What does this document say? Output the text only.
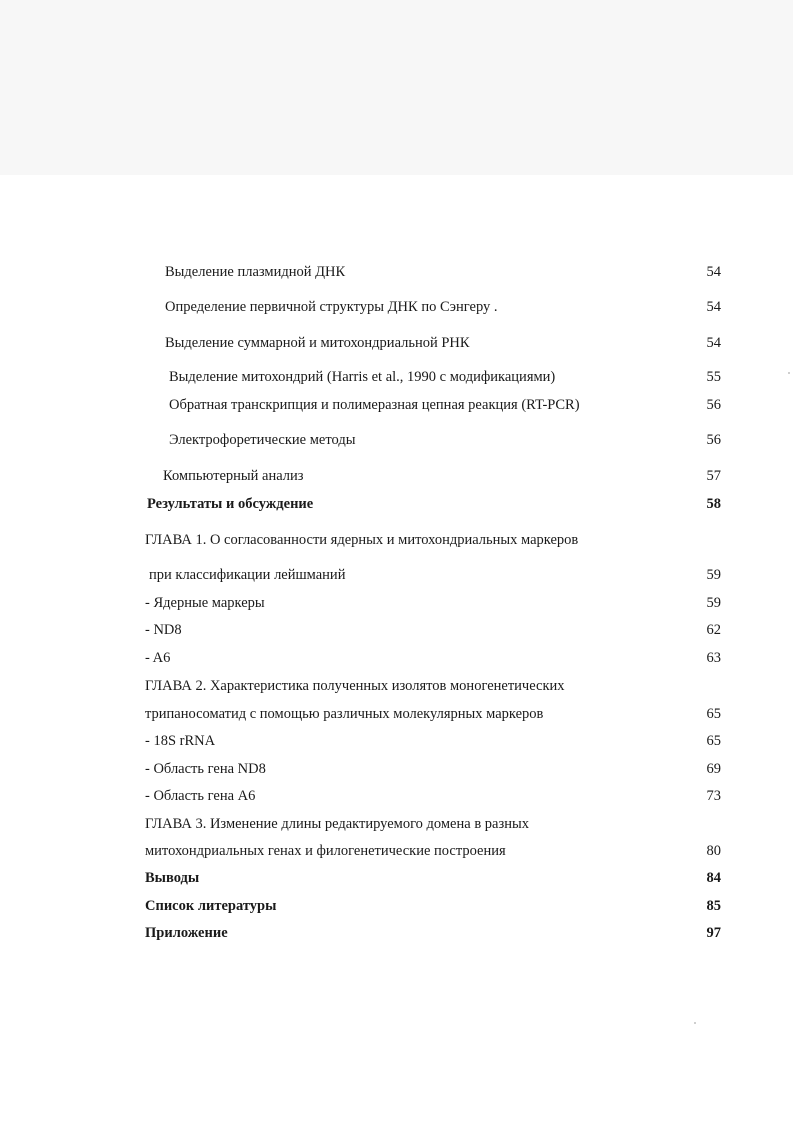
Выделение плазмидной ДНК	54
Определение первичной структуры ДНК по Сэнгеру .	54
Выделение суммарной и митохондриальной РНК	54
Выделение митохондрий (Harris et al., 1990 с модификациями)	55
Обратная транскрипция и полимеразная цепная реакция (RT-PCR)	56
Электрофоретические методы	56
Компьютерный анализ	57
Результаты и обсуждение	58
ГЛАВА 1. О согласованности ядерных и митохондриальных маркеров
при классификации лейшманий	59
- Ядерные маркеры	59
- ND8	62
- A6	63
ГЛАВА 2. Характеристика полученных изолятов моногенетических
трипаносоматид с помощью различных молекулярных маркеров	65
- 18S rRNA	65
- Область гена ND8	69
- Область гена A6	73
ГЛАВА 3. Изменение длины редактируемого домена в разных
митохондриальных генах и филогенетические построения	80
Выводы	84
Список литературы	85
Приложение	97
